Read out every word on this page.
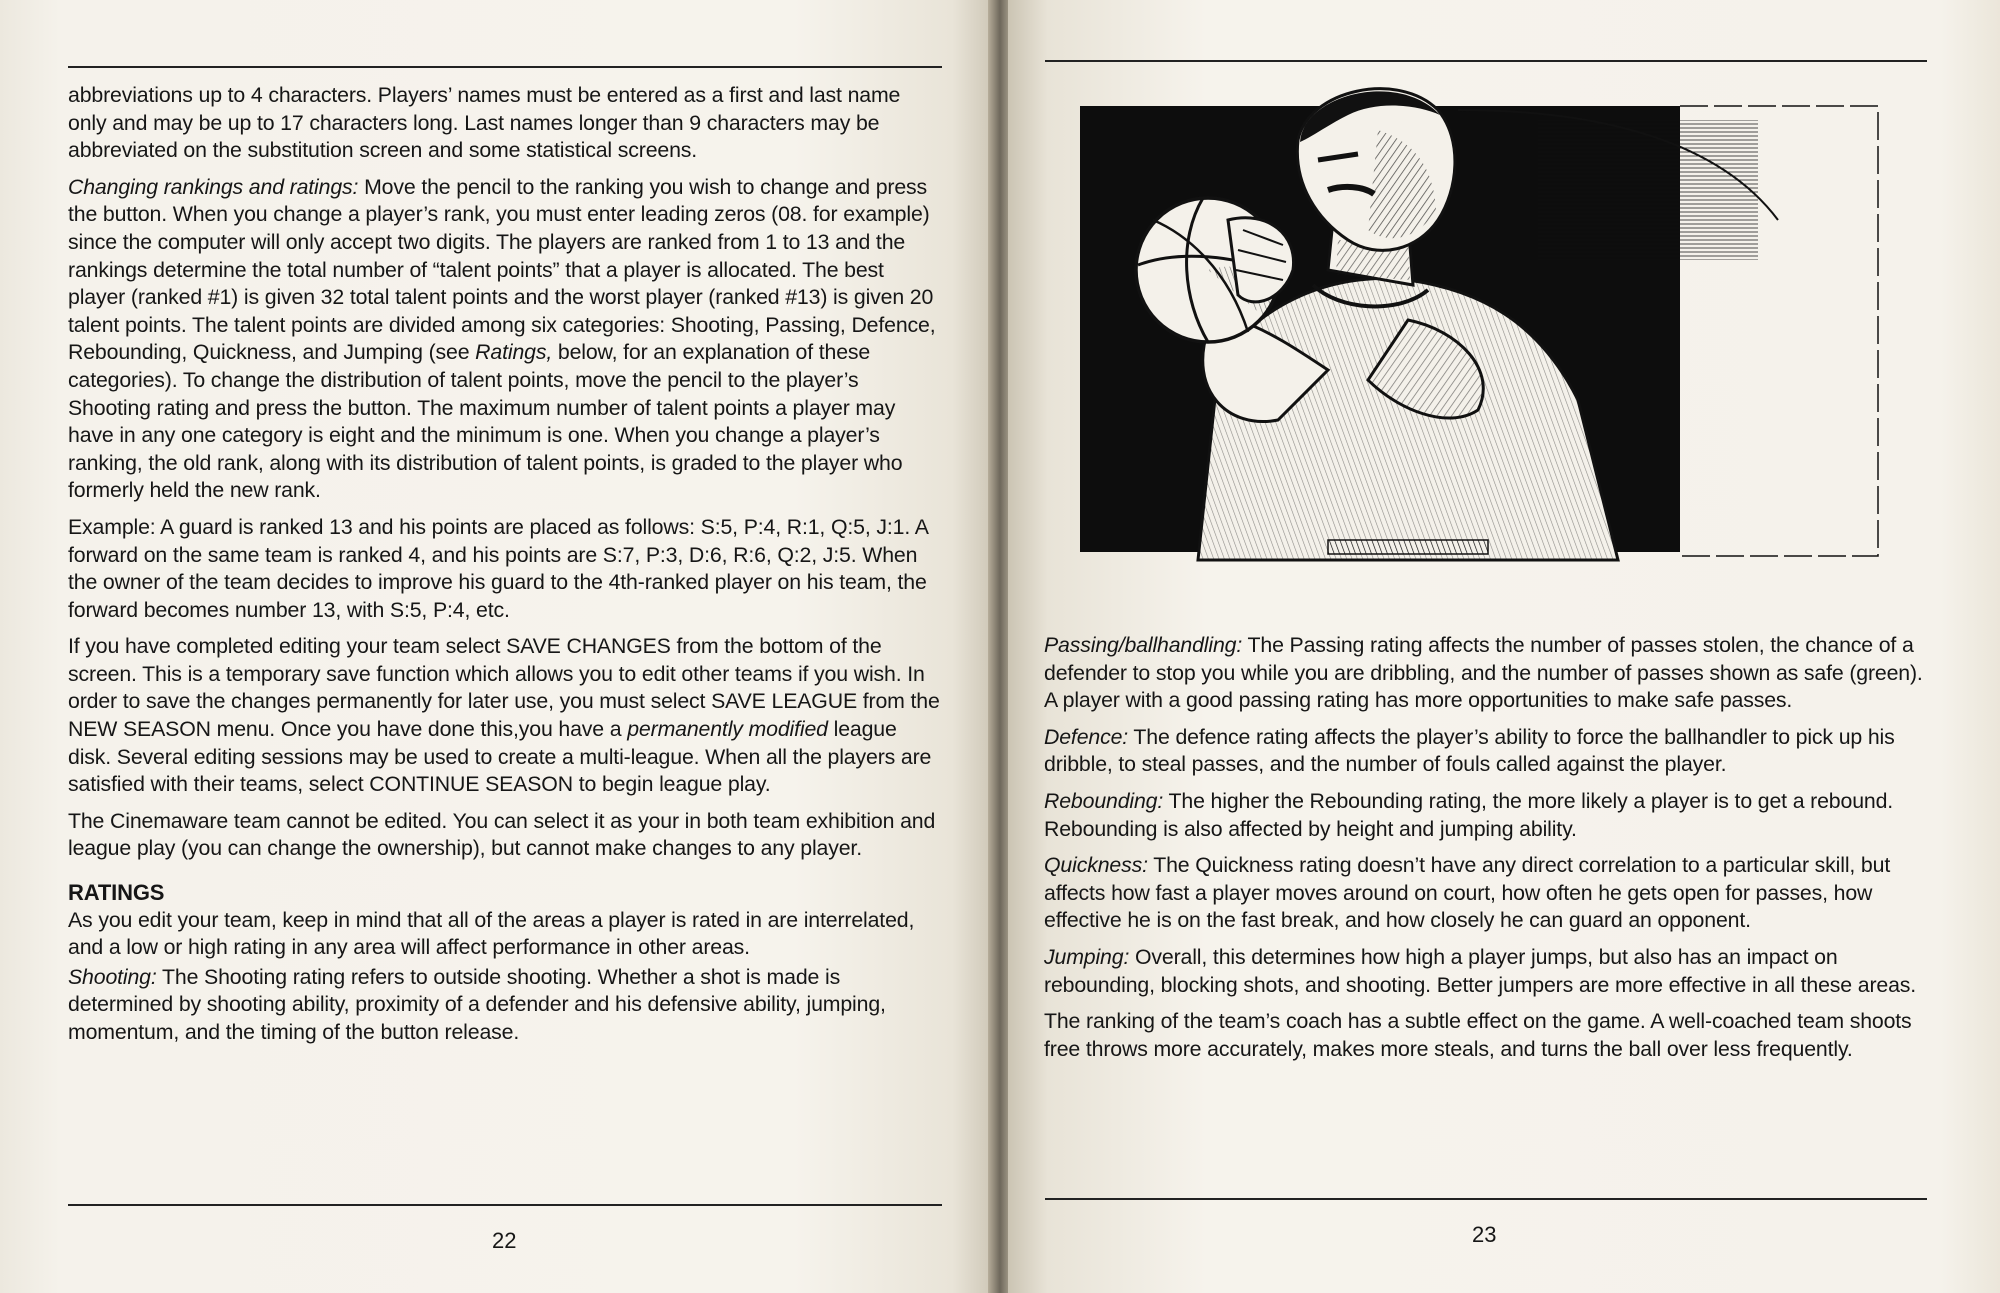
abbreviations up to 4 characters. Players’ names must be entered as a first and last name only and may be up to 17 characters long. Last names longer than 9 characters may be abbreviated on the substitution screen and some statistical screens.

Changing rankings and ratings: Move the pencil to the ranking you wish to change and press the button. When you change a player’s rank, you must enter leading zeros (08. for example) since the computer will only accept two digits. The players are ranked from 1 to 13 and the rankings determine the total number of “talent points” that a player is allocated. The best player (ranked #1) is given 32 total talent points and the worst player (ranked #13) is given 20 talent points. The talent points are divided among six categories: Shooting, Passing, Defence, Rebounding, Quickness, and Jumping (see Ratings, below, for an explanation of these categories). To change the distribution of talent points, move the pencil to the player’s Shooting rating and press the button. The maximum number of talent points a player may have in any one category is eight and the minimum is one. When you change a player’s ranking, the old rank, along with its distribution of talent points, is graded to the player who formerly held the new rank.

Example: A guard is ranked 13 and his points are placed as follows: S:5, P:4, R:1, Q:5, J:1. A forward on the same team is ranked 4, and his points are S:7, P:3, D:6, R:6, Q:2, J:5. When the owner of the team decides to improve his guard to the 4th-ranked player on his team, the forward becomes number 13, with S:5, P:4, etc.

If you have completed editing your team select SAVE CHANGES from the bottom of the screen. This is a temporary save function which allows you to edit other teams if you wish. In order to save the changes permanently for later use, you must select SAVE LEAGUE from the NEW SEASON menu. Once you have done this,you have a permanently modified league disk. Several editing sessions may be used to create a multi-league. When all the players are satisfied with their teams, select CONTINUE SEASON to begin league play.

The Cinemaware team cannot be edited. You can select it as your in both team exhibition and league play (you can change the ownership), but cannot make changes to any player.

RATINGS

As you edit your team, keep in mind that all of the areas a player is rated in are interrelated, and a low or high rating in any area will affect performance in other areas.

Shooting: The Shooting rating refers to outside shooting. Whether a shot is made is determined by shooting ability, proximity of a defender and his defensive ability, jumping, momentum, and the timing of the button release.

22

Passing/ballhandling: The Passing rating affects the number of passes stolen, the chance of a defender to stop you while you are dribbling, and the number of passes shown as safe (green). A player with a good passing rating has more opportunities to make safe passes.

Defence: The defence rating affects the player’s ability to force the ballhandler to pick up his dribble, to steal passes, and the number of fouls called against the player.

Rebounding: The higher the Rebounding rating, the more likely a player is to get a rebound. Rebounding is also affected by height and jumping ability.

Quickness: The Quickness rating doesn’t have any direct correlation to a particular skill, but affects how fast a player moves around on court, how often he gets open for passes, how effective he is on the fast break, and how closely he can guard an opponent.

Jumping: Overall, this determines how high a player jumps, but also has an impact on rebounding, blocking shots, and shooting. Better jumpers are more effective in all these areas.

The ranking of the team’s coach has a subtle effect on the game. A well-coached team shoots free throws more accurately, makes more steals, and turns the ball over less frequently.

23
